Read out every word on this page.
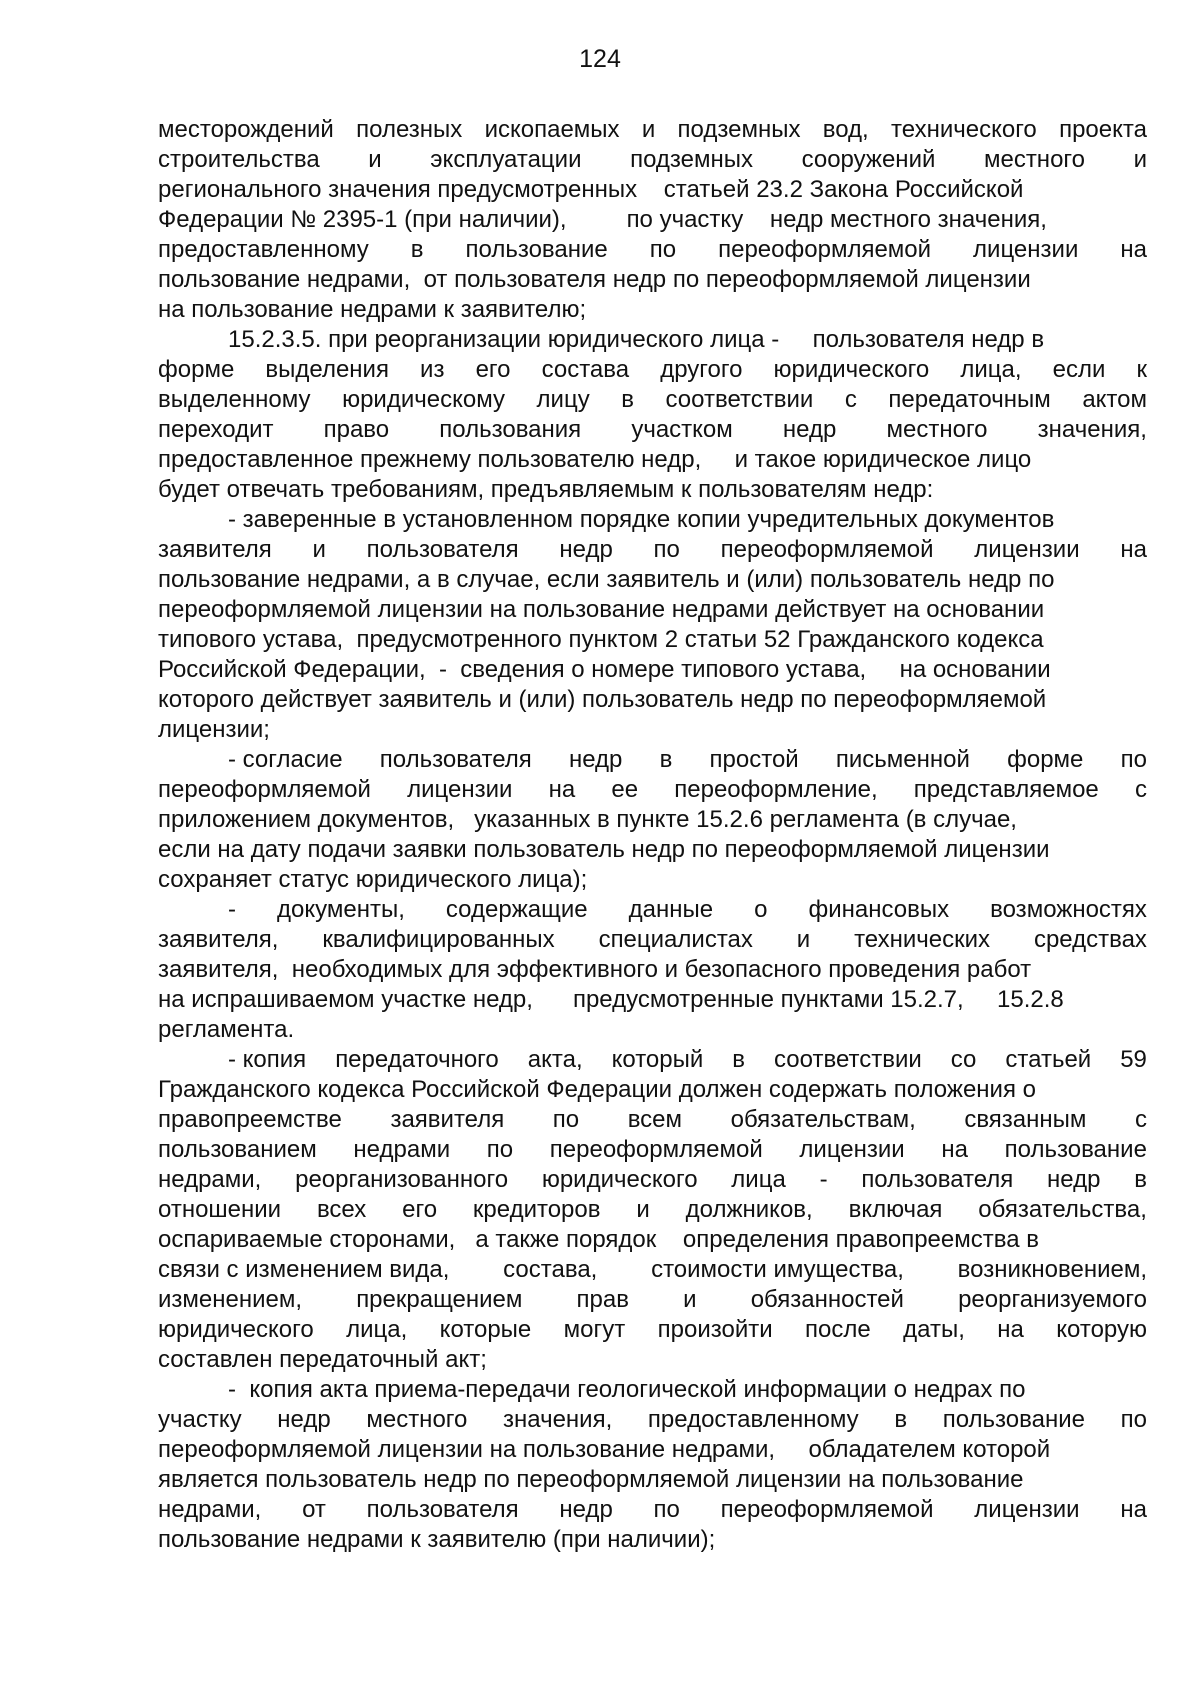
124
месторождений полезных ископаемых и подземных вод, технического проекта
строительства и эксплуатации подземных сооружений местного и
регионального значения предусмотренных    статьей 23.2 Закона Российской
Федерации № 2395-1 (при наличии),         по участку    недр местного значения,
предоставленному в пользование по переоформляемой лицензии на
пользование недрами,  от пользователя недр по переоформляемой лицензии
на пользование недрами к заявителю;
15.2.3.5. при реорганизации юридического лица -     пользователя недр в
форме выделения из его состава другого юридического лица, если к
выделенному юридическому лицу в соответствии с передаточным актом
переходит право пользования участком недр местного значения,
предоставленное прежнему пользователю недр,     и такое юридическое лицо
будет отвечать требованиям, предъявляемым к пользователям недр:
- заверенные в установленном порядке копии учредительных документов
заявителя и пользователя недр по переоформляемой лицензии на
пользование недрами, а в случае, если заявитель и (или) пользователь недр по
переоформляемой лицензии на пользование недрами действует на основании
типового устава,  предусмотренного пунктом 2 статьи 52 Гражданского кодекса
Российской Федерации,  -  сведения о номере типового устава,     на основании
которого действует заявитель и (или) пользователь недр по переоформляемой
лицензии;
- согласие пользователя недр в простой письменной форме по
переоформляемой лицензии на ее переоформление, представляемое с
приложением документов,   указанных в пункте 15.2.6 регламента (в случае,
если на дату подачи заявки пользователь недр по переоформляемой лицензии
сохраняет статус юридического лица);
- документы, содержащие данные о финансовых возможностях
заявителя, квалифицированных специалистах и технических средствах
заявителя,  необходимых для эффективного и безопасного проведения работ
на испрашиваемом участке недр,      предусмотренные пунктами 15.2.7,     15.2.8
регламента.
- копия передаточного акта, который в соответствии со статьей 59
Гражданского кодекса Российской Федерации должен содержать положения о
правопреемстве заявителя по всем обязательствам, связанным с
пользованием недрами по переоформляемой лицензии на пользование
недрами, реорганизованного юридического лица - пользователя недр в
отношении всех его кредиторов и должников, включая обязательства,
оспариваемые сторонами,   а также порядок    определения правопреемства в
связи с изменением вида, состава, стоимости имущества, возникновением,
изменением, прекращением прав и обязанностей реорганизуемого
юридического лица, которые могут произойти после даты, на которую
составлен передаточный акт;
-  копия акта приема-передачи геологической информации о недрах по
участку недр местного значения, предоставленному в пользование по
переоформляемой лицензии на пользование недрами,     обладателем которой
является пользователь недр по переоформляемой лицензии на пользование
недрами, от пользователя недр по переоформляемой лицензии на
пользование недрами к заявителю (при наличии);
